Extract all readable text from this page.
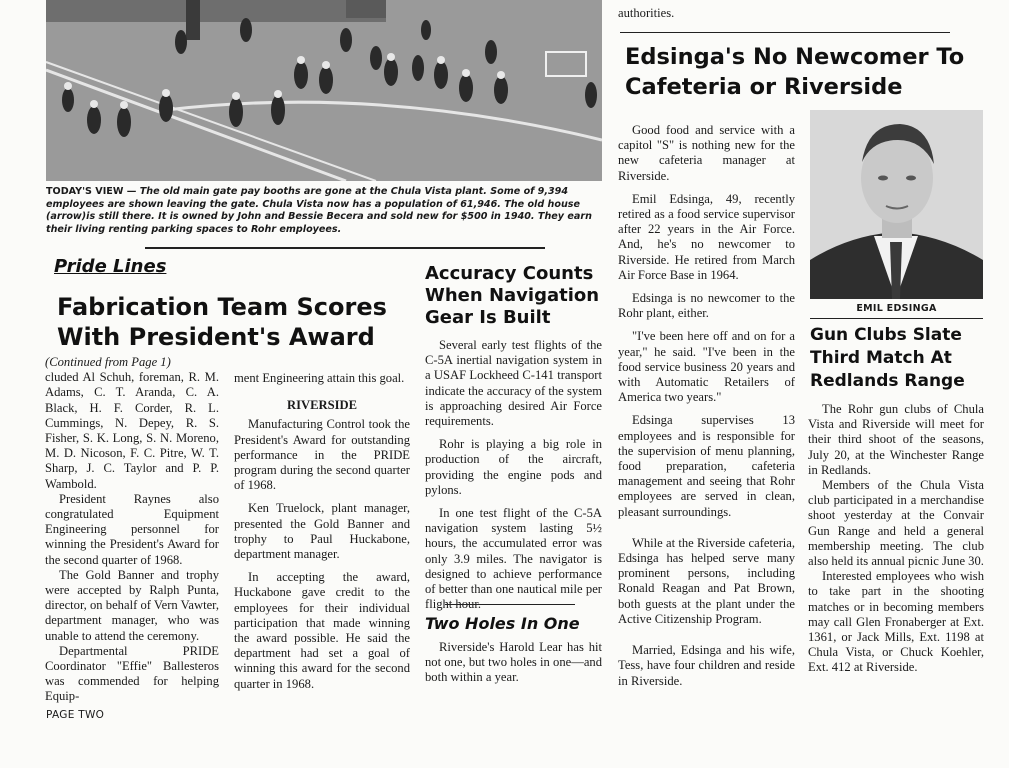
TODAY'S VIEW — The old main gate pay booths are gone at the Chula Vista plant. Some of 9,394 employees are shown leaving the gate. Chula Vista now has a population of 61,946. The old house (arrow)is still there. It is owned by John and Bessie Becera and sold new for $500 in 1940. They earn their living renting parking spaces to Rohr employees.
Pride Lines
Fabrication Team Scores With President's Award

(Continued from Page 1)

cluded Al Schuh, foreman, R. M. Adams, C. T. Aranda, C. A. Black, H. F. Corder, R. L. Cummings, N. Depey, R. S. Fisher, S. K. Long, S. N. Moreno, M. D. Nicoson, F. C. Pitre, W. T. Sharp, J. C. Taylor and P. P. Wambold.

President Raynes also congratulated Equipment Engineering personnel for winning the President's Award for the second quarter of 1968.

The Gold Banner and trophy were accepted by Ralph Punta, director, on behalf of Vern Vawter, department manager, who was unable to attend the ceremony.

Departmental PRIDE Coordinator "Effie" Ballesteros was commended for helping Equip-

ment Engineering attain this goal.

RIVERSIDE

Manufacturing Control took the President's Award for outstanding performance in the PRIDE program during the second quarter of 1968.

Ken Truelock, plant manager, presented the Gold Banner and trophy to Paul Huckabone, department manager.

In accepting the award, Huckabone gave credit to the employees for their individual participation that made winning the award possible. He said the department had set a goal of winning this award for the second quarter in 1968.

Accuracy Counts When Navigation Gear Is Built

Several early test flights of the C-5A inertial navigation system in a USAF Lockheed C-141 transport indicate the accuracy of the system is approaching desired Air Force requirements.

Rohr is playing a big role in production of the aircraft, providing the engine pods and pylons.

In one test flight of the C-5A navigation system lasting 5½ hours, the accumulated error was only 3.9 miles. The navigator is designed to achieve performance of better than one nautical mile per flight hour.

Two Holes In One

Riverside's Harold Lear has hit not one, but two holes in one—and both within a year.

authorities.
Edsinga's No Newcomer To Cafeteria or Riverside

Good food and service with a capitol "S" is nothing new for the new cafeteria manager at Riverside.

Emil Edsinga, 49, recently retired as a food service supervisor after 22 years in the Air Force. And, he's no newcomer to Riverside. He retired from March Air Force Base in 1964.

Edsinga is no newcomer to the Rohr plant, either.

"I've been here off and on for a year," he said. "I've been in the food service business 20 years and with Automatic Retailers of America two years."

Edsinga supervises 13 employees and is responsible for the supervision of menu planning, food preparation, cafeteria management and seeing that Rohr employees are served in clean, pleasant surroundings.

While at the Riverside cafeteria, Edsinga has helped serve many prominent persons, including Ronald Reagan and Pat Brown, both guests at the plant under the Active Citizenship Program.

Married, Edsinga and his wife, Tess, have four children and reside in Riverside.

EMIL EDSINGA
Gun Clubs Slate Third Match At Redlands Range

The Rohr gun clubs of Chula Vista and Riverside will meet for their third shoot of the seasons, July 20, at the Winchester Range in Redlands.

Members of the Chula Vista club participated in a merchandise shoot yesterday at the Convair Gun Range and held a general membership meeting. The club also held its annual picnic June 30.

Interested employees who wish to take part in the shooting matches or in becoming members may call Glen Fronaberger at Ext. 1361, or Jack Mills, Ext. 1198 at Chula Vista, or Chuck Koehler, Ext. 412 at Riverside.

PAGE TWO
